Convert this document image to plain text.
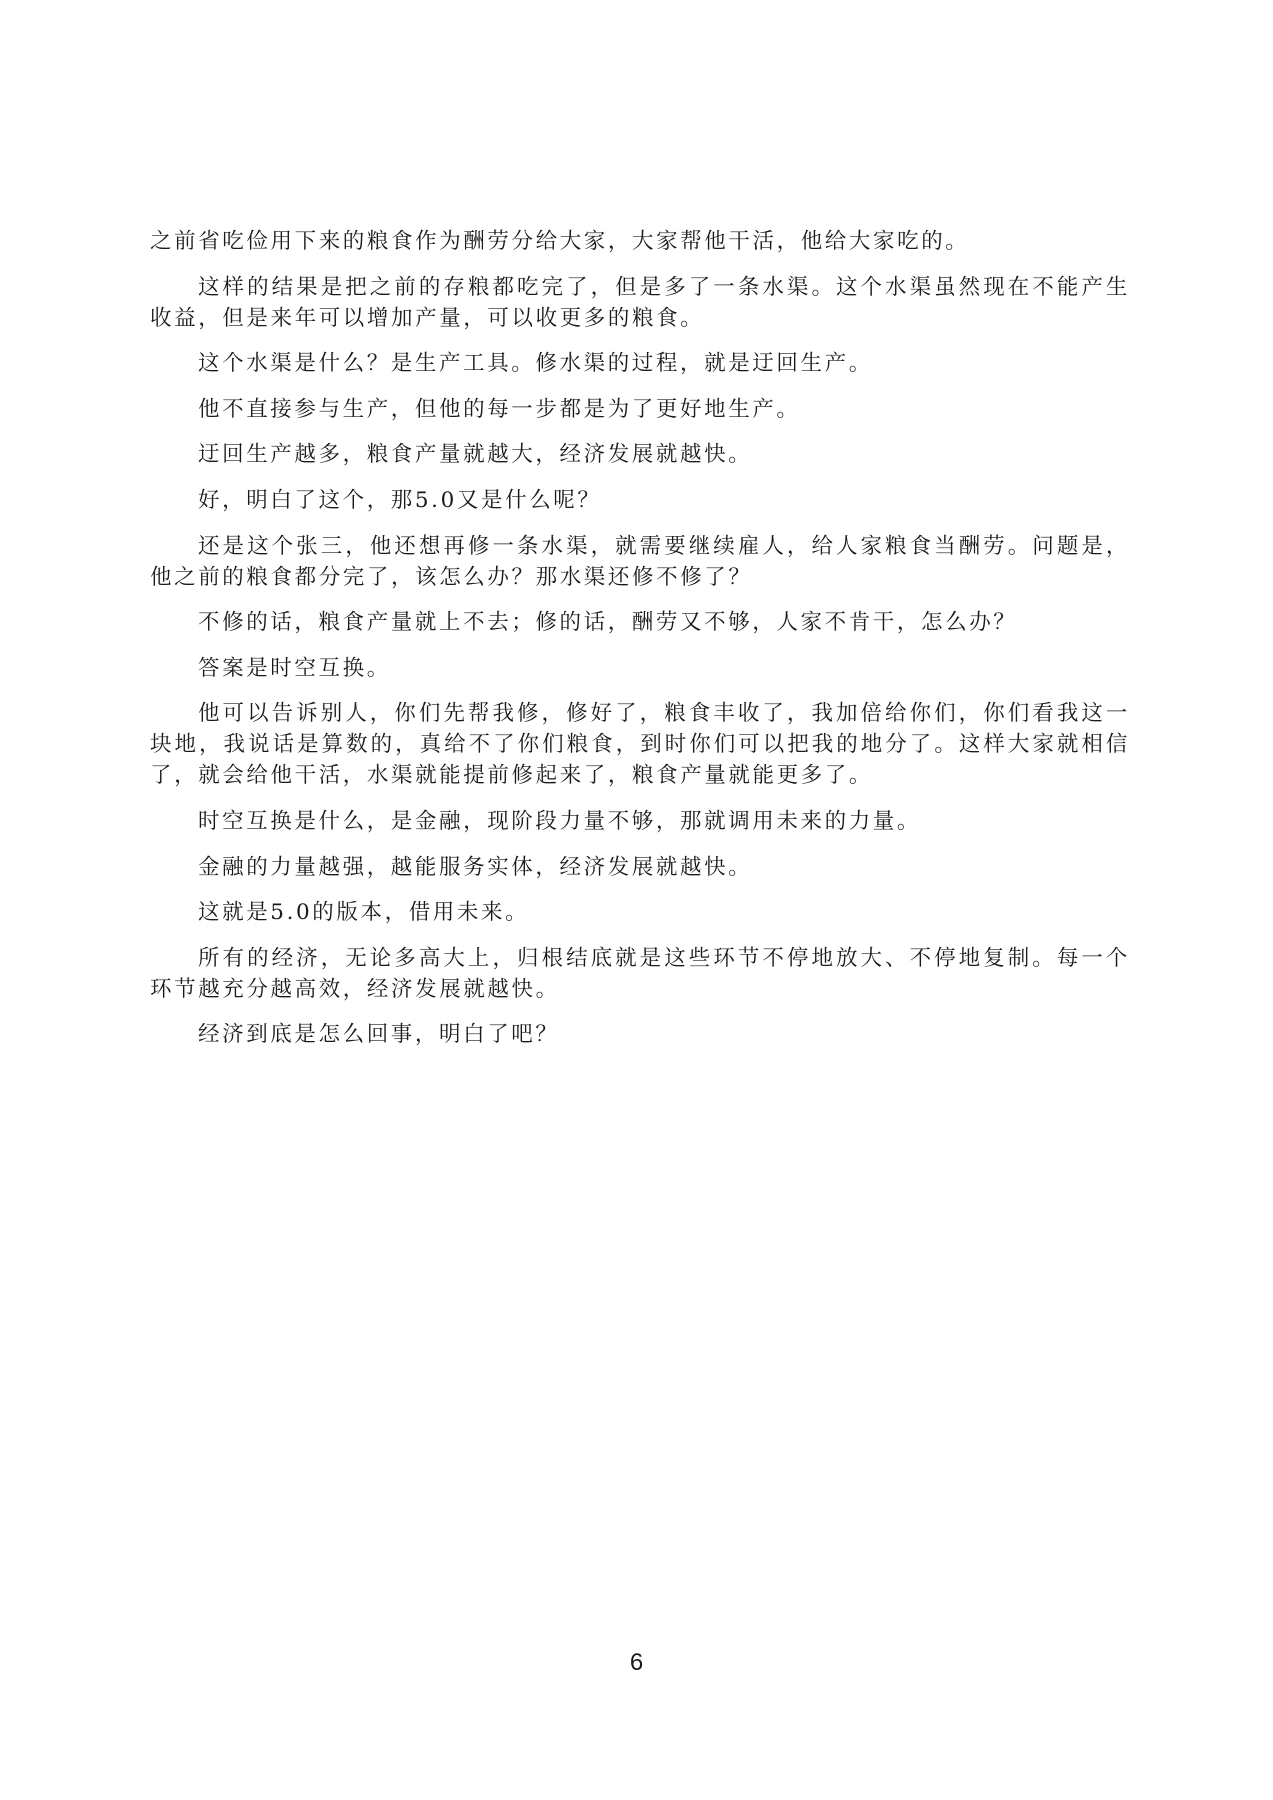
之前省吃俭用下来的粮食作为酬劳分给大家，大家帮他干活，他给大家吃的。

这样的结果是把之前的存粮都吃完了，但是多了一条水渠。这个水渠虽然现在不能产生收益，但是来年可以增加产量，可以收更多的粮食。

这个水渠是什么？是生产工具。修水渠的过程，就是迂回生产。

他不直接参与生产，但他的每一步都是为了更好地生产。

迂回生产越多，粮食产量就越大，经济发展就越快。

好，明白了这个，那5.0又是什么呢？

还是这个张三，他还想再修一条水渠，就需要继续雇人，给人家粮食当酬劳。问题是，他之前的粮食都分完了，该怎么办？那水渠还修不修了？

不修的话，粮食产量就上不去；修的话，酬劳又不够，人家不肯干，怎么办？

答案是时空互换。

他可以告诉别人，你们先帮我修，修好了，粮食丰收了，我加倍给你们，你们看我这一块地，我说话是算数的，真给不了你们粮食，到时你们可以把我的地分了。这样大家就相信了，就会给他干活，水渠就能提前修起来了，粮食产量就能更多了。

时空互换是什么，是金融，现阶段力量不够，那就调用未来的力量。

金融的力量越强，越能服务实体，经济发展就越快。

这就是5.0的版本，借用未来。

所有的经济，无论多高大上，归根结底就是这些环节不停地放大、不停地复制。每一个环节越充分越高效，经济发展就越快。

经济到底是怎么回事，明白了吧？

6
